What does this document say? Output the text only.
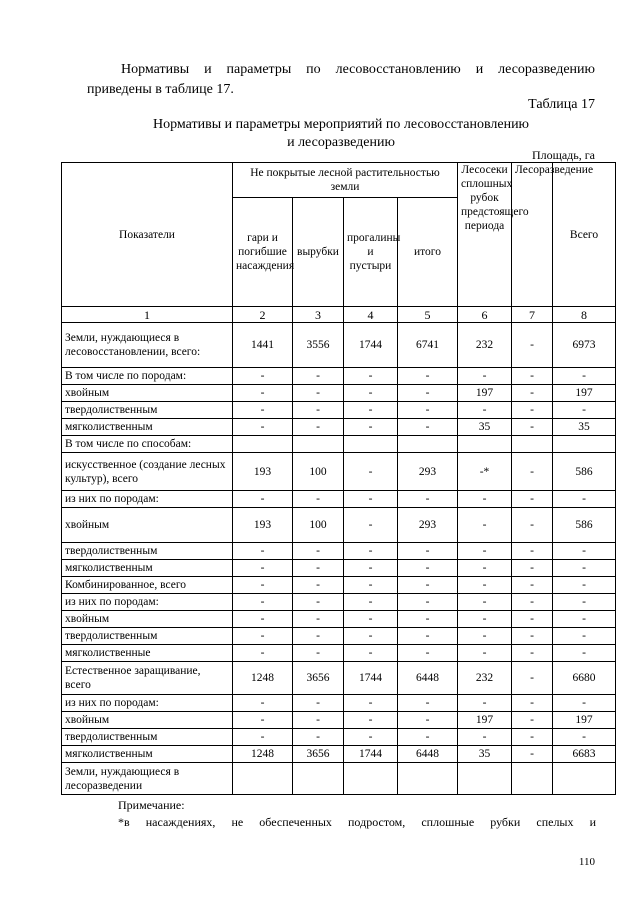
Нормативы и параметры по лесовосстановлению и лесоразведению
приведены в таблице 17.
Таблица 17
Нормативы и параметры мероприятий по лесовосстановлению
и лесоразведению
Площадь, га
Показатели	Не покрытые лесной растительностью земли				Лесосеки сплошных рубок предстоящего периода	Лесоразведение	Всего
	гари и погибшие насаждения	вырубки	прогалины и пустыри	итого			
1	2	3	4	5	6	7	8
Земли, нуждающиеся в лесовосстановлении, всего:	1441	3556	1744	6741	232	-	6973
В том числе по породам:	-	-	-	-	-	-	-
хвойным	-	-	-	-	197	-	197
твердолиственным	-	-	-	-	-	-	-
мягколиственным	-	-	-	-	35	-	35
В том числе по способам:							
искусственное (создание лесных культур), всего	193	100	-	293	-*	-	586
из них по породам:	-	-	-	-	-	-	-
хвойным	193	100	-	293	-	-	586
твердолиственным	-	-	-	-	-	-	-
мягколиственным	-	-	-	-	-	-	-
Комбинированное, всего	-	-	-	-	-	-	-
из них по породам:	-	-	-	-	-	-	-
хвойным	-	-	-	-	-	-	-
твердолиственным	-	-	-	-	-	-	-
мягколиственные	-	-	-	-	-	-	-
Естественное заращивание, всего	1248	3656	1744	6448	232	-	6680
из них по породам:	-	-	-	-	-	-	-
хвойным	-	-	-	-	197	-	197
твердолиственным	-	-	-	-	-	-	-
мягколиственным	1248	3656	1744	6448	35	-	6683
Земли, нуждающиеся в лесоразведении							
Примечание:
*в насаждениях, не обеспеченных подростом, сплошные рубки спелых и
110
